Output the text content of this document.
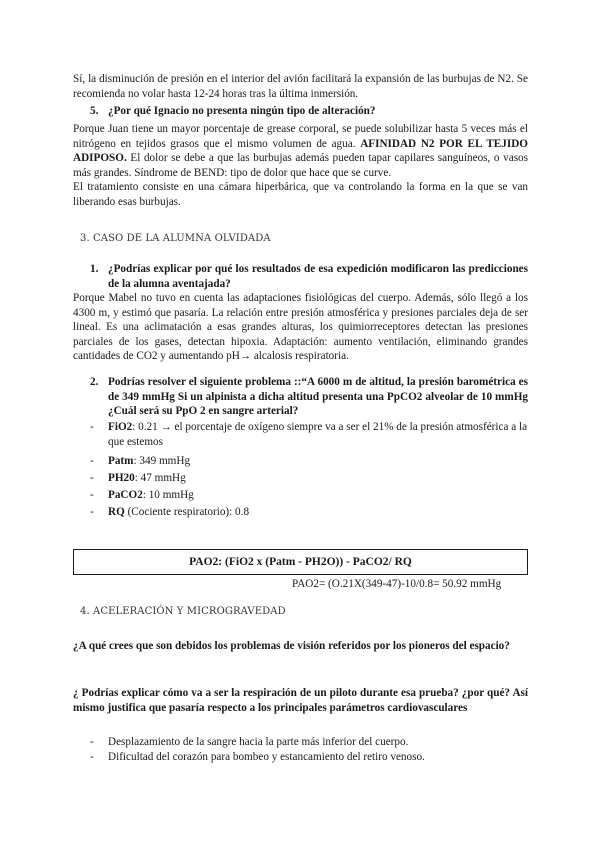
Sí, la disminución de presión en el interior del avión facilitará la expansión de las burbujas de N2. Se recomienda no volar hasta 12-24 horas tras la última inmersión.

5. ¿Por qué Ignacio no presenta ningún tipo de alteración?

Porque Juan tiene un mayor porcentaje de grease corporal, se puede solubilizar hasta 5 veces más el nitrógeno en tejidos grasos que el mismo volumen de agua. AFINIDAD N2 POR EL TEJIDO ADIPOSO. El dolor se debe a que las burbujas además pueden tapar capilares sanguíneos, o vasos más grandes. Síndrome de BEND: tipo de dolor que hace que se curve.

El tratamiento consiste en una cámara hiperbárica, que va controlando la forma en la que se van liberando esas burbujas.

3. CASO DE LA ALUMNA OLVIDADA
1. ¿Podrías explicar por qué los resultados de esa expedición modificaron las predicciones de la alumna aventajada?

Porque Mabel no tuvo en cuenta las adaptaciones fisiológicas del cuerpo. Además, sólo llegó a los 4300 m, y estimó que pasaría. La relación entre presión atmosférica y presiones parciales deja de ser lineal. Es una aclimatación a esas grandes alturas, los quimiorreceptores detectan las presiones parciales de los gases, detectan hipoxia. Adaptación: aumento ventilación, eliminando grandes cantidades de CO2 y aumentando pH→ alcalosis respiratoria.

2. Podrías resolver el siguiente problema ::“A 6000 m de altitud, la presión barométrica es de 349 mmHg Si un alpinista a dicha altitud presenta una PpCO2 alveolar de 10 mmHg ¿Cuál será su PpO 2 en sangre arterial?
- FiO2: 0.21 → el porcentaje de oxígeno siempre va a ser el 21% de la presión atmosférica a la que estemos
- Patm: 349 mmHg
- PH20: 47 mmHg
- PaCO2: 10 mmHg
- RQ (Cociente respiratorio): 0.8
PAO2: (FiO2 x (Patm - PH2O)) - PaCO2/ RQ
PAO2= (O.21X(349-47)-10/0.8= 50.92 mmHg
4. ACELERACIÓN Y MICROGRAVEDAD
¿A qué crees que son debidos los problemas de visión referidos por los pioneros del espacio?
¿ Podrías explicar cómo va a ser la respiración de un piloto durante esa prueba? ¿por qué? Así mismo justifica que pasaría respecto a los principales parámetros cardiovasculares
- Desplazamiento de la sangre hacia la parte más inferior del cuerpo.
- Dificultad del corazón para bombeo y estancamiento del retiro venoso.
